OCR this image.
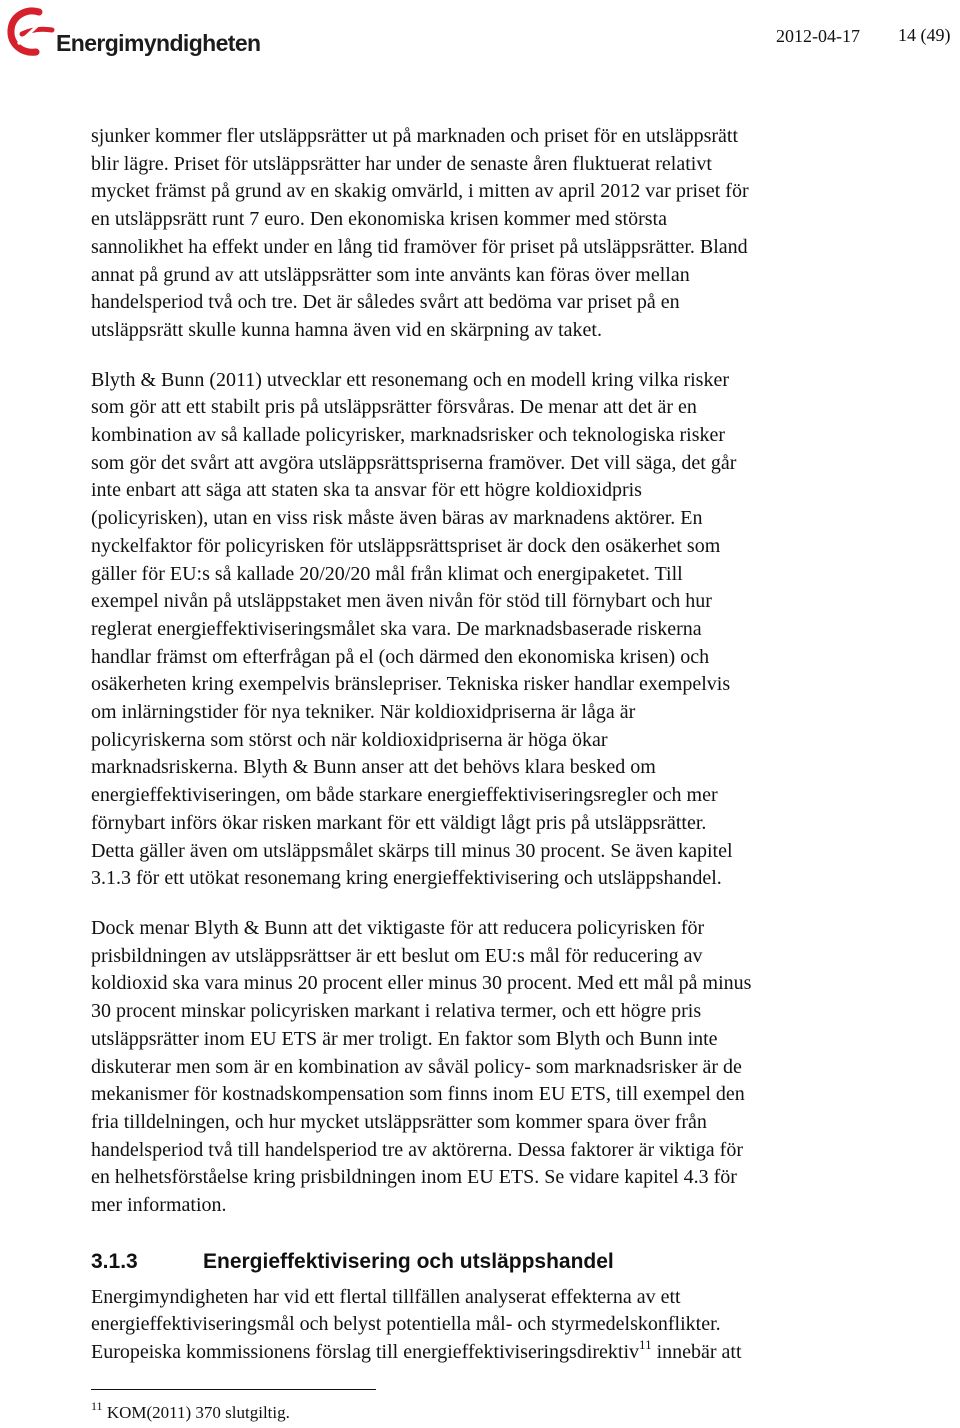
Energimyndigheten	2012-04-17 14 (49)
sjunker kommer fler utsläppsrätter ut på marknaden och priset för en utsläppsrätt
blir lägre. Priset för utsläppsrätter har under de senaste åren fluktuerat relativt
mycket främst på grund av en skakig omvärld, i mitten av april 2012 var priset för
en utsläppsrätt runt 7 euro. Den ekonomiska krisen kommer med största
sannolikhet ha effekt under en lång tid framöver för priset på utsläppsrätter. Bland
annat på grund av att utsläppsrätter som inte använts kan föras över mellan
handelsperiod två och tre. Det är således svårt att bedöma var priset på en
utsläppsrätt skulle kunna hamna även vid en skärpning av taket.
Blyth & Bunn (2011) utvecklar ett resonemang och en modell kring vilka risker
som gör att ett stabilt pris på utsläppsrätter försvåras. De menar att det är en
kombination av så kallade policyrisker, marknadsrisker och teknologiska risker
som gör det svårt att avgöra utsläppsrättspriserna framöver. Det vill säga, det går
inte enbart att säga att staten ska ta ansvar för ett högre koldioxidpris
(policyrisken), utan en viss risk måste även bäras av marknadens aktörer. En
nyckelfaktor för policyrisken för utsläppsrättspriset är dock den osäkerhet som
gäller för EU:s så kallade 20/20/20 mål från klimat och energipaketet. Till
exempel nivån på utsläppstaket men även nivån för stöd till förnybart och hur
reglerat energieffektiviseringsmålet ska vara. De marknadsbaserade riskerna
handlar främst om efterfrågan på el (och därmed den ekonomiska krisen) och
osäkerheten kring exempelvis bränslepriser. Tekniska risker handlar exempelvis
om inlärningstider för nya tekniker. När koldioxidpriserna är låga är
policyriskerna som störst och när koldioxidpriserna är höga ökar
marknadsriskerna. Blyth & Bunn anser att det behövs klara besked om
energieffektiviseringen, om både starkare energieffektiviseringsregler och mer
förnybart införs ökar risken markant för ett väldigt lågt pris på utsläppsrätter.
Detta gäller även om utsläppsmålet skärps till minus 30 procent. Se även kapitel
3.1.3 för ett utökat resonemang kring energieffektivisering och utsläppshandel.
Dock menar Blyth & Bunn att det viktigaste för att reducera policyrisken för
prisbildningen av utsläppsrättser är ett beslut om EU:s mål för reducering av
koldioxid ska vara minus 20 procent eller minus 30 procent. Med ett mål på minus
30 procent minskar policyrisken markant i relativa termer, och ett högre pris
utsläppsrätter inom EU ETS är mer troligt. En faktor som Blyth och Bunn inte
diskuterar men som är en kombination av såväl policy- som marknadsrisker är de
mekanismer för kostnadskompensation som finns inom EU ETS, till exempel den
fria tilldelningen, och hur mycket utsläppsrätter som kommer spara över från
handelsperiod två till handelsperiod tre av aktörerna. Dessa faktorer är viktiga för
en helhetsförståelse kring prisbildningen inom EU ETS. Se vidare kapitel 4.3 för
mer information.
3.1.3	Energieffektivisering och utsläppshandel
Energimyndigheten har vid ett flertal tillfällen analyserat effekterna av ett
energieffektiviseringsmål och belyst potentiella mål- och styrmedelskonflikter.
Europeiska kommissionens förslag till energieffektiviseringsdirektiv$^{11}$ innebär att
$^{11}$ KOM(2011) 370 slutgiltig.
